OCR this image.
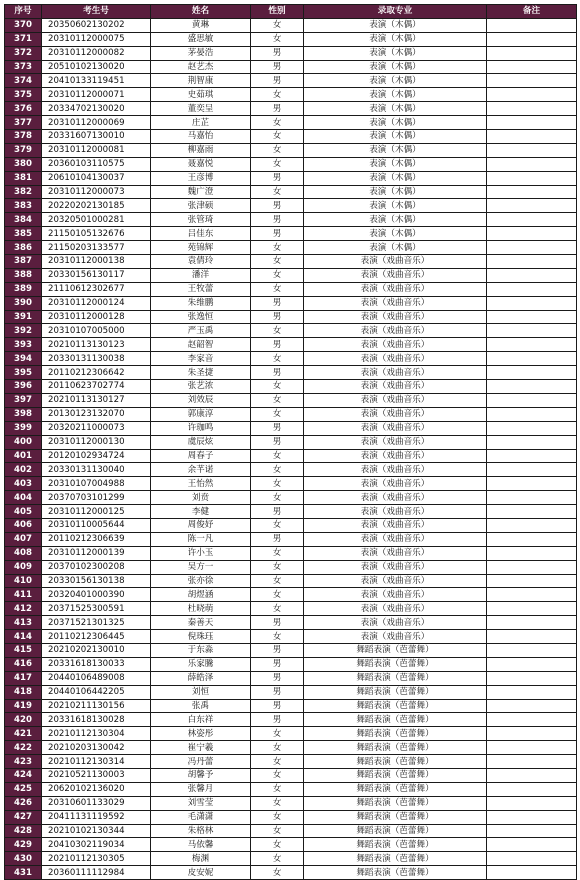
序号	考生号	姓名	性别	录取专业	备注
370	20350602130202	黄琳	女	表演（木偶）	
371	20310112000075	盛思敏	女	表演（木偶）	
372	20310112000082	茅晏浩	男	表演（木偶）	
373	20510102130020	赵艺杰	男	表演（木偶）	
374	20410133119451	荆智康	男	表演（木偶）	
375	20310112000071	史茹琪	女	表演（木偶）	
376	20334702130020	董奕呈	男	表演（木偶）	
377	20310112000069	庄芷	女	表演（木偶）	
378	20331607130010	马嘉怡	女	表演（木偶）	
379	20310112000081	柳嘉雨	女	表演（木偶）	
380	20360103110575	聂嘉悦	女	表演（木偶）	
381	20610104130037	王彦博	男	表演（木偶）	
382	20310112000073	魏广澄	女	表演（木偶）	
383	20220202130185	张津硕	男	表演（木偶）	
384	20320501000281	张管琦	男	表演（木偶）	
385	21150105132676	吕佳东	男	表演（木偶）	
386	21150203133577	苑锦辉	女	表演（木偶）	
387	20310112000138	袁倩玲	女	表演（戏曲音乐）	
388	20330156130117	潘洋	女	表演（戏曲音乐）	
389	21110612302677	王牧蕾	女	表演（戏曲音乐）	
390	20310112000124	朱维鹏	男	表演（戏曲音乐）	
391	20310112000128	张逸恒	男	表演（戏曲音乐）	
392	20310107005000	严玉禹	女	表演（戏曲音乐）	
393	20210113130123	赵韶智	男	表演（戏曲音乐）	
394	20330131130038	李家音	女	表演（戏曲音乐）	
395	20110212306642	朱圣捷	男	表演（戏曲音乐）	
396	20110623702774	张艺浓	女	表演（戏曲音乐）	
397	20210113130127	刘效辰	女	表演（戏曲音乐）	
398	20130123132070	郭康淳	女	表演（戏曲音乐）	
399	20320211000073	许珈鸣	男	表演（戏曲音乐）	
400	20310112000130	虞辰炫	男	表演（戏曲音乐）	
401	20120102934724	周春子	女	表演（戏曲音乐）	
402	20330131130040	余芊诺	女	表演（戏曲音乐）	
403	20310107004988	王怡然	女	表演（戏曲音乐）	
404	20370703101299	刘贲	女	表演（戏曲音乐）	
405	20310112000125	李健	男	表演（戏曲音乐）	
406	20310110005644	周俊妤	女	表演（戏曲音乐）	
407	20110212306639	陈一凡	男	表演（戏曲音乐）	
408	20310112000139	许小玉	女	表演（戏曲音乐）	
409	20370102300208	吴方一	女	表演（戏曲音乐）	
410	20330156130138	张亦徐	女	表演（戏曲音乐）	
411	20320401000390	胡煜涵	女	表演（戏曲音乐）	
412	20371525300591	杜晓萌	女	表演（戏曲音乐）	
413	20371521301325	秦善天	男	表演（戏曲音乐）	
414	20110212306445	倪珠珏	女	表演（戏曲音乐）	
415	20210202130010	于东淼	男	舞蹈表演（芭蕾舞）	
416	20331618130033	乐家騰	男	舞蹈表演（芭蕾舞）	
417	20440106489008	薛皓泽	男	舞蹈表演（芭蕾舞）	
418	20440106442205	刘恒	男	舞蹈表演（芭蕾舞）	
419	20210211130156	张禹	男	舞蹈表演（芭蕾舞）	
420	20331618130028	白东祥	男	舞蹈表演（芭蕾舞）	
421	20210112130304	林姿彤	女	舞蹈表演（芭蕾舞）	
422	20210203130042	崔宁羲	女	舞蹈表演（芭蕾舞）	
423	20210112130314	冯丹蕾	女	舞蹈表演（芭蕾舞）	
424	20210521130003	胡馨予	女	舞蹈表演（芭蕾舞）	
425	20620102136020	张馨月	女	舞蹈表演（芭蕾舞）	
426	20310601133029	刘雪莹	女	舞蹈表演（芭蕾舞）	
427	20411131119592	毛潇潇	女	舞蹈表演（芭蕾舞）	
428	20210102130344	朱格林	女	舞蹈表演（芭蕾舞）	
429	20410302119034	马依馨	女	舞蹈表演（芭蕾舞）	
430	20210112130305	梅渊	女	舞蹈表演（芭蕾舞）	
431	20360111112984	皮安妮	女	舞蹈表演（芭蕾舞）	
